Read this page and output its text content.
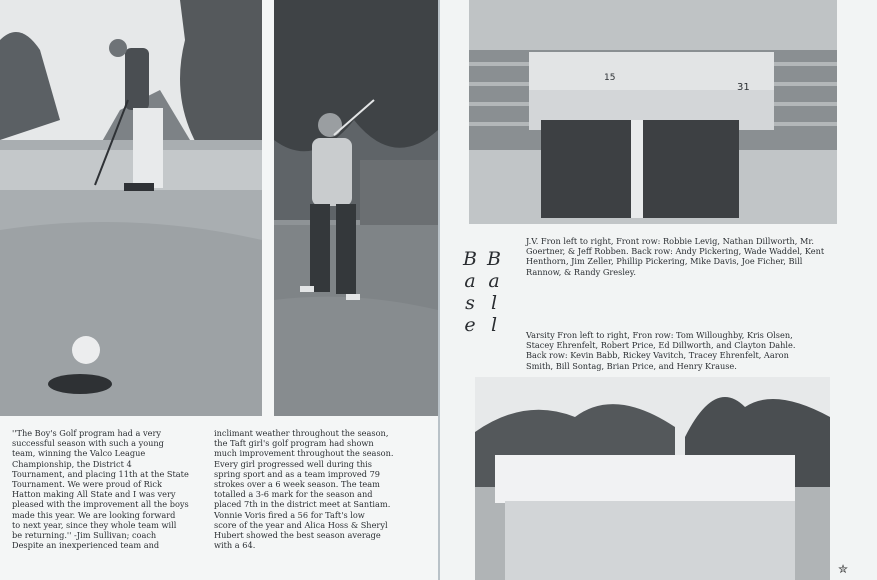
''The Boy's Golf program had a very
successful season with such a young
team, winning the Valco League
Championship, the District 4
Tournament, and placing 11th at the State
Tournament. We were proud of Rick
Hatton making All State and I was very
pleased with the improvement all the boys
made this year. We are looking forward
to next year, since they whole team will
be returning.'' -Jim Sullivan; coach
Despite an inexperienced team and
inclimant weather throughout the season,
the Taft girl's golf program had shown
much improvement throughout the season.
Every girl progressed well during this
spring sport and as a team improved 79
strokes over a 6 week season. The team
totalled a 3-6 mark for the season and
placed 7th in the district meet at Santiam.
Vonnie Voris fired a 56 for Taft's low
score of the year and Alica Hoss & Sheryl
Hubert showed the best season average
with a 64.
31
15
B
a
s
e
B
a
l
l
J.V. Fron left to right, Front row: Robbie Levig, Nathan Dillworth, Mr. Goertner, & Jeff Robben. Back row: Andy Pickering, Wade Waddel, Kent Henthorn, Jim Zeller, Phillip Pickering, Mike Davis, Joe Ficher, Bill Rannow, & Randy Gresley.
Varsity Fron left to right, Fron row: Tom Willoughby, Kris Olsen, Stacey Ehrenfelt, Robert Price, Ed Dillworth, and Clayton Dahle. Back row: Kevin Babb, Rickey Vavitch, Tracey Ehrenfelt, Aaron Smith, Bill Sontag, Brian Price, and Henry Krause.
✮
